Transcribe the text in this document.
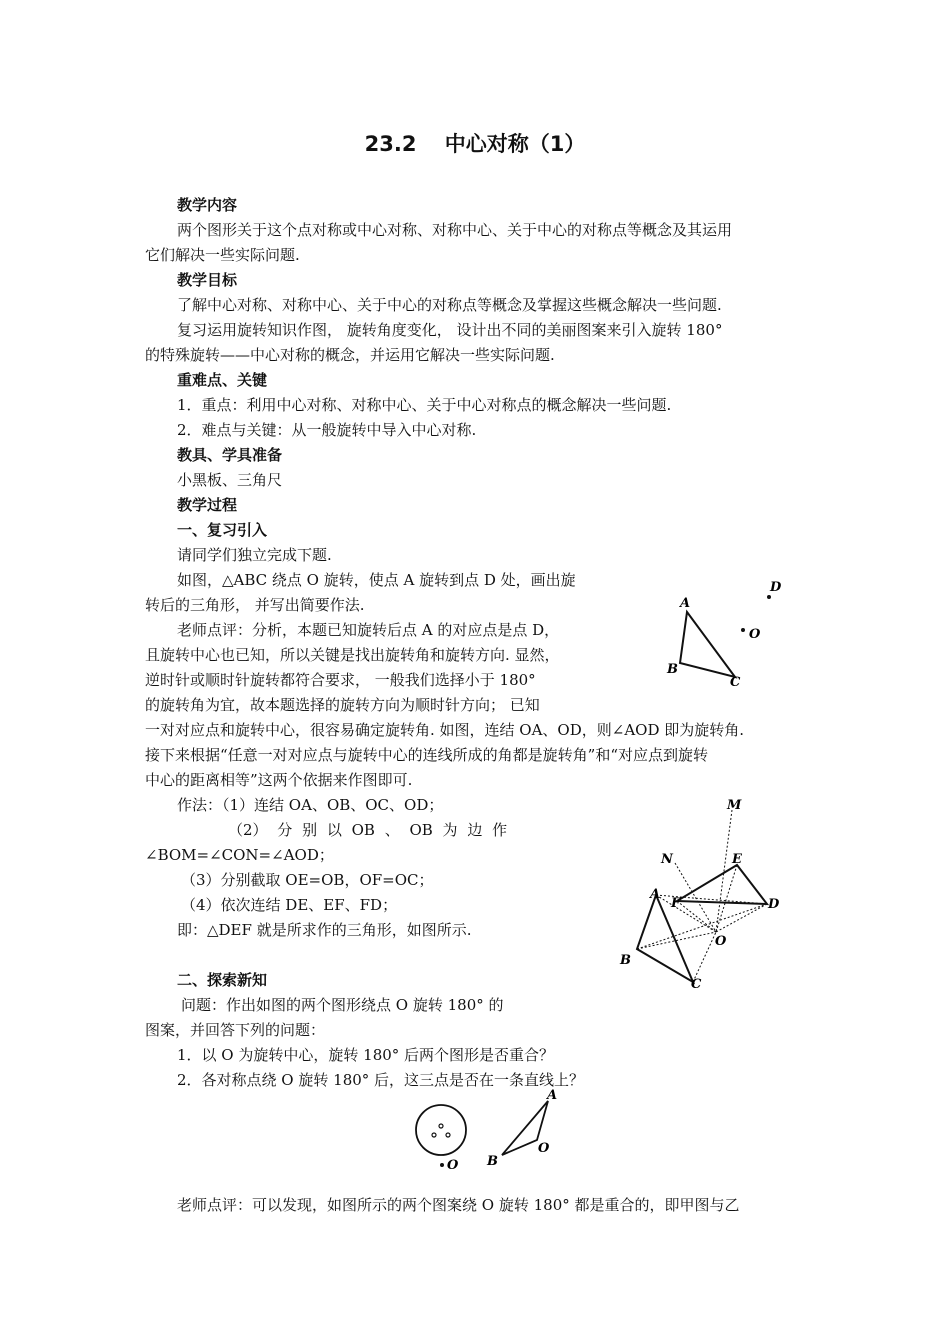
23.2　 中心对称（1）
教学内容
两个图形关于这个点对称或中心对称、对称中心、关于中心的对称点等概念及其运用
它们解决一些实际问题.
教学目标
了解中心对称、对称中心、关于中心的对称点等概念及掌握这些概念解决一些问题.
复习运用旋转知识作图， 旋转角度变化， 设计出不同的美丽图案来引入旋转 180°
的特殊旋转——中心对称的概念，并运用它解决一些实际问题.
重难点、关键
1．重点：利用中心对称、对称中心、关于中心对称点的概念解决一些问题.
2．难点与关键：从一般旋转中导入中心对称.
教具、学具准备
小黑板、三角尺
教学过程
一、复习引入
请同学们独立完成下题.
如图，△ABC 绕点 O 旋转，使点 A 旋转到点 D 处，画出旋
转后的三角形， 并写出简要作法.
老师点评：分析，本题已知旋转后点 A 的对应点是点 D，
且旋转中心也已知，所以关键是找出旋转角和旋转方向. 显然，
逆时针或顺时针旋转都符合要求， 一般我们选择小于 180°
的旋转角为宜，故本题选择的旋转方向为顺时针方向； 已知
一对对应点和旋转中心，很容易确定旋转角. 如图，连结 OA、OD，则∠AOD 即为旋转角.
接下来根据“任意一对对应点与旋转中心的连线所成的角都是旋转角”和“对应点到旋转
中心的距离相等”这两个依据来作图即可.
作法：（1）连结 OA、OB、OC、OD；
（2） 分 别 以 OB 、 OB 为 边 作
∠BOM=∠CON=∠AOD；
（3）分别截取 OE=OB，OF=OC；
（4）依次连结 DE、EF、FD；
即：△DEF 就是所求作的三角形，如图所示.
二、探索新知
问题：作出如图的两个图形绕点 O 旋转 180° 的
图案，并回答下列的问题：
1．以 O 为旋转中心，旋转 180° 后两个图形是否重合？
2．各对称点绕 O 旋转 180° 后，这三点是否在一条直线上？
老师点评：可以发现，如图所示的两个图案绕 O 旋转 180° 都是重合的，即甲图与乙
A
B
C
D
O
M
N	E
A
F	D
O
B
C
O
A
B
O
